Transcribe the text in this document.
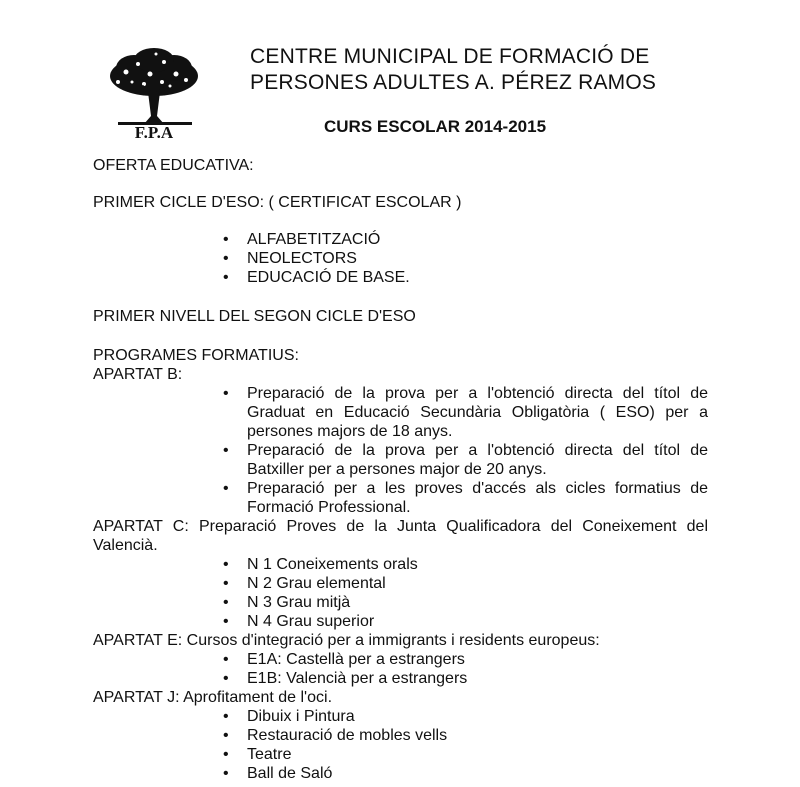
F.P.A
CENTRE MUNICIPAL DE FORMACIÓ DE
PERSONES ADULTES A. PÉREZ RAMOS
CURS ESCOLAR 2014-2015
OFERTA EDUCATIVA:
PRIMER CICLE D'ESO: ( CERTIFICAT ESCOLAR )
• ALFABETITZACIÓ
• NEOLECTORS
• EDUCACIÓ DE BASE.
PRIMER NIVELL DEL SEGON CICLE D'ESO
PROGRAMES FORMATIUS:
APARTAT B:
• Preparació de la prova per a l'obtenció directa del títol de Graduat en Educació Secundària Obligatòria ( ESO) per a persones majors de 18 anys.
• Preparació de la prova per a l'obtenció directa del títol de Batxiller per a persones major de 20 anys.
• Preparació per a les proves d'accés als cicles formatius de Formació Professional.
APARTAT C: Preparació Proves de la Junta Qualificadora del Coneixement del Valencià.
• N 1 Coneixements orals
• N 2 Grau elemental
• N 3 Grau mitjà
• N 4 Grau superior
APARTAT E: Cursos d'integració per a immigrants i residents europeus:
• E1A: Castellà per a estrangers
• E1B: Valencià per a estrangers
APARTAT J: Aprofitament de l'oci.
• Dibuix i Pintura
• Restauració de mobles vells
• Teatre
• Ball de Saló
